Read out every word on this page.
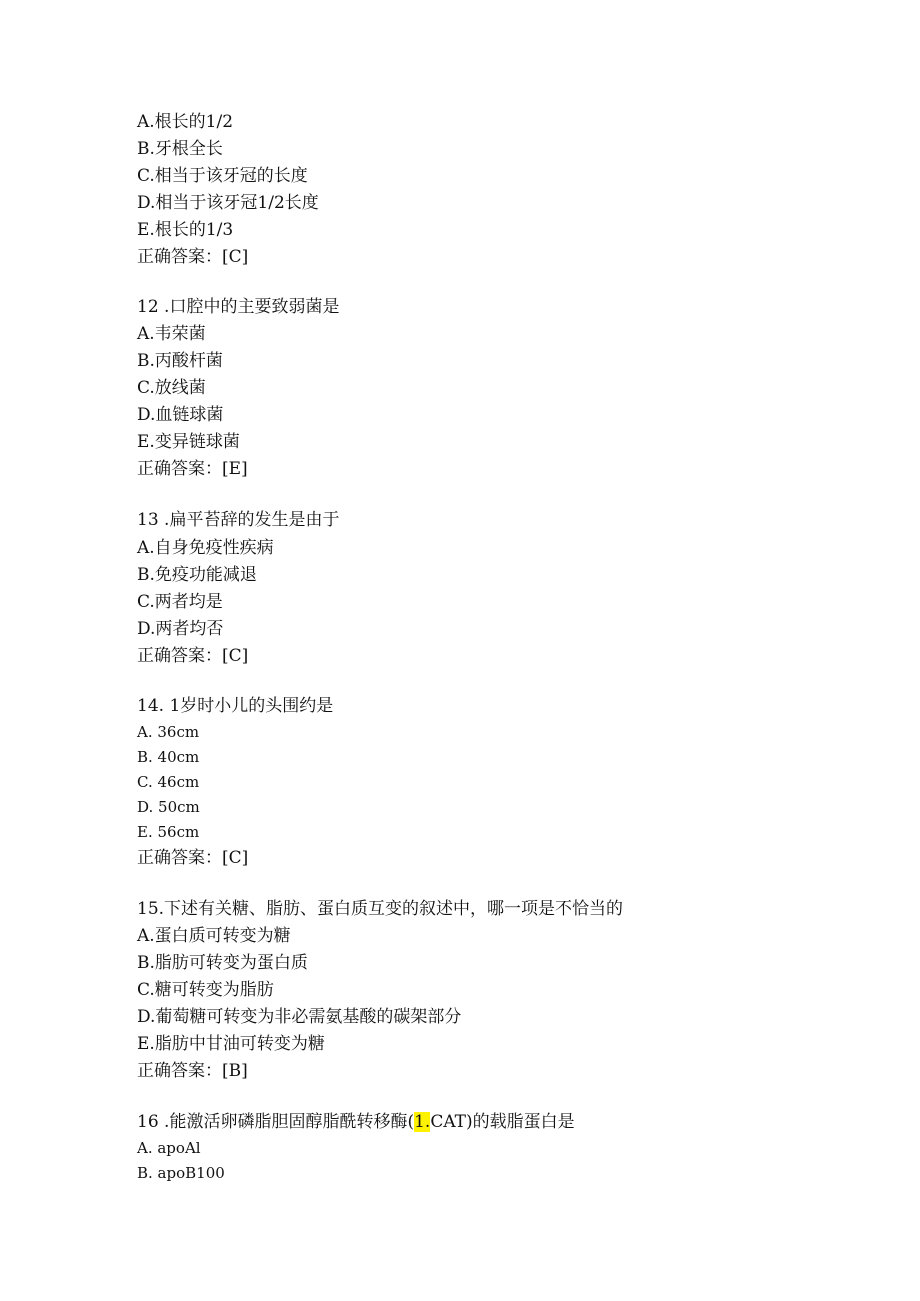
A.根长的1/2
B.牙根全长
C.相当于该牙冠的长度
D.相当于该牙冠1/2长度
E.根长的1/3
正确答案：[C]
12 .口腔中的主要致弱菌是
A.韦荣菌
B.丙酸杆菌
C.放线菌
D.血链球菌
E.变异链球菌
正确答案：[E]
13 .扁平苔辞的发生是由于
A.自身免疫性疾病
B.免疫功能减退
C.两者均是
D.两者均否
正确答案：[C]
14. 1岁时小儿的头围约是
A. 36cm
B. 40cm
C. 46cm
D. 50cm
E. 56cm
正确答案：[C]
15.下述有关糖、脂肪、蛋白质互变的叙述中，哪一项是不恰当的
A.蛋白质可转变为糖
B.脂肪可转变为蛋白质
C.糖可转变为脂肪
D.葡萄糖可转变为非必需氨基酸的碳架部分
E.脂肪中甘油可转变为糖
正确答案：[B]
16 .能激活卵磷脂胆固醇脂酰转移酶(1.CAT)的载脂蛋白是
A. apoAl
B. apoB100
